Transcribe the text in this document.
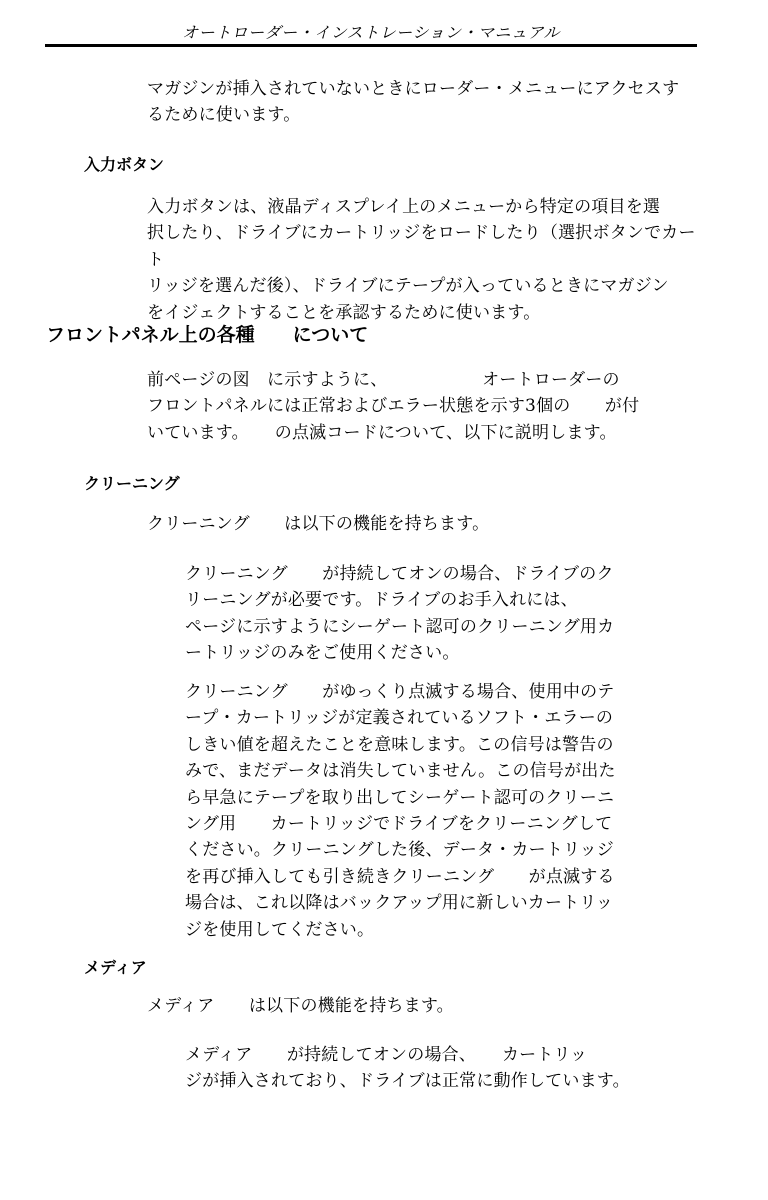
オートローダー・インストレーション・マニュアル

マガジンが挿入されていないときにローダー・メニューにアクセスす
るために使います。

入力ボタン

入力ボタンは、液晶ディスプレイ上のメニューから特定の項目を選
択したり、ドライブにカートリッジをロードしたり（選択ボタンでカート
リッジを選んだ後）、ドライブにテープが入っているときにマガジン
をイジェクトすることを承認するために使います。

フロントパネル上の各種　　について

前ページの図　に示すように、　　　　　　オートローダーの
フロントパネルには正常およびエラー状態を示す3個の　　が付
いています。　　の点滅コードについて、以下に説明します。

クリーニング

クリーニング　　は以下の機能を持ちます。

クリーニング　　が持続してオンの場合、ドライブのク
リーニングが必要です。ドライブのお手入れには、
ページに示すようにシーゲート認可のクリーニング用カ
ートリッジのみをご使用ください。

クリーニング　　がゆっくり点滅する場合、使用中のテ
ープ・カートリッジが定義されているソフト・エラーの
しきい値を超えたことを意味します。この信号は警告の
みで、まだデータは消失していません。この信号が出た
ら早急にテープを取り出してシーゲート認可のクリーニ
ング用　　カートリッジでドライブをクリーニングして
ください。クリーニングした後、データ・カートリッジ
を再び挿入しても引き続きクリーニング　　が点滅する
場合は、これ以降はバックアップ用に新しいカートリッ
ジを使用してください。

メディア

メディア　　は以下の機能を持ちます。

メディア　　が持続してオンの場合、　　カートリッ
ジが挿入されており、ドライブは正常に動作しています。
